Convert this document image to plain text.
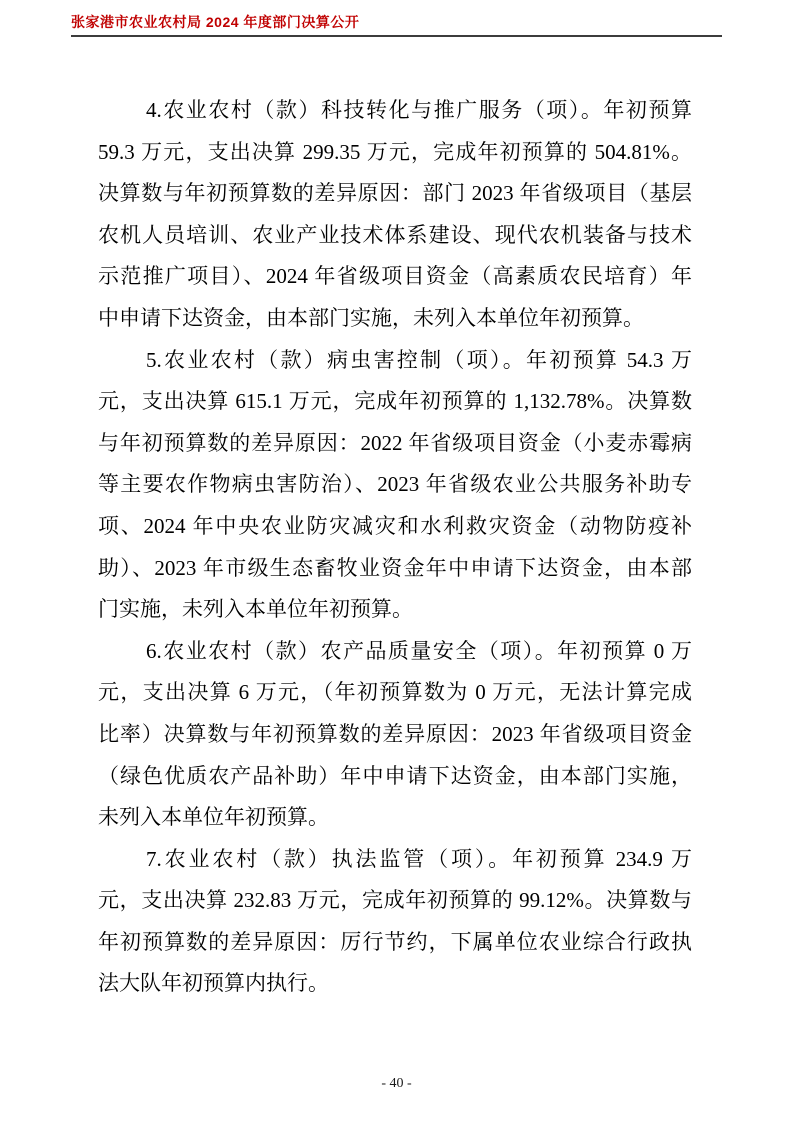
张家港市农业农村局 2024 年度部门决算公开
4.农业农村（款）科技转化与推广服务（项）。年初预算
59.3 万元，支出决算 299.35 万元，完成年初预算的 504.81%。
决算数与年初预算数的差异原因：部门 2023 年省级项目（基层
农机人员培训、农业产业技术体系建设、现代农机装备与技术
示范推广项目）、2024 年省级项目资金（高素质农民培育）年
中申请下达资金，由本部门实施，未列入本单位年初预算。
5.农业农村（款）病虫害控制（项）。年初预算 54.3 万
元，支出决算 615.1 万元，完成年初预算的 1,132.78%。决算数
与年初预算数的差异原因：2022 年省级项目资金（小麦赤霉病
等主要农作物病虫害防治）、2023 年省级农业公共服务补助专
项、2024 年中央农业防灾减灾和水利救灾资金（动物防疫补
助）、2023 年市级生态畜牧业资金年中申请下达资金，由本部
门实施，未列入本单位年初预算。
6.农业农村（款）农产品质量安全（项）。年初预算 0 万
元，支出决算 6 万元，（年初预算数为 0 万元，无法计算完成
比率）决算数与年初预算数的差异原因：2023 年省级项目资金
（绿色优质农产品补助）年中申请下达资金，由本部门实施，
未列入本单位年初预算。
7.农业农村（款）执法监管（项）。年初预算 234.9 万
元，支出决算 232.83 万元，完成年初预算的 99.12%。决算数与
年初预算数的差异原因：厉行节约，下属单位农业综合行政执
法大队年初预算内执行。
- 40 -
